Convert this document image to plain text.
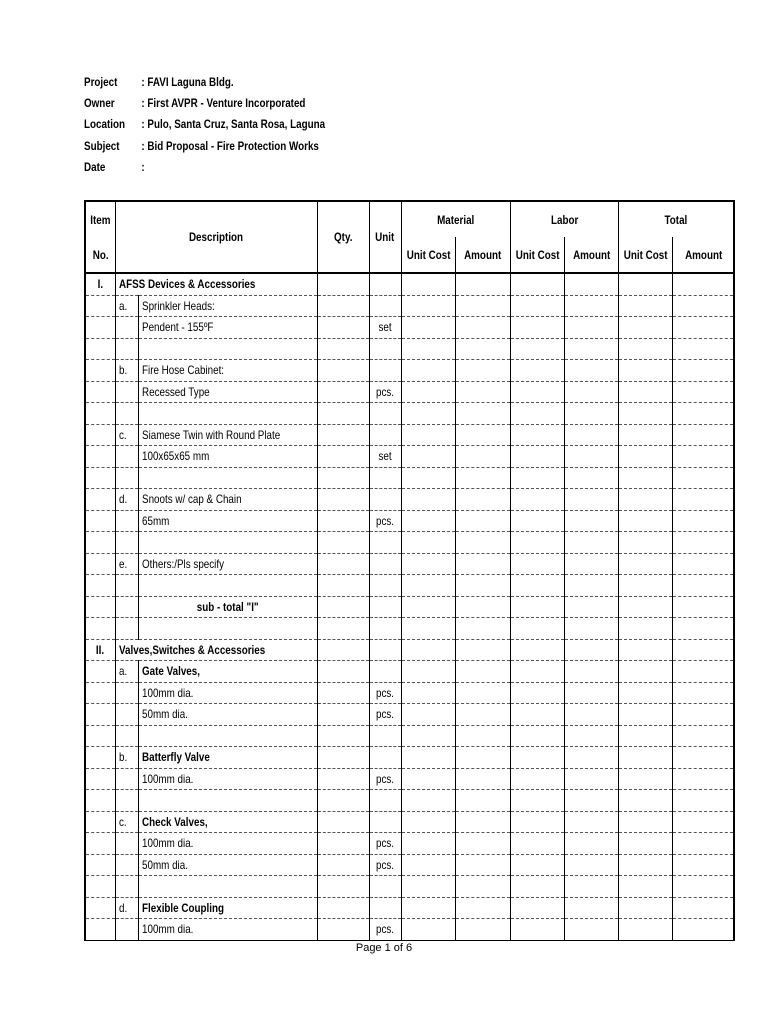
Project	: FAVI Laguna Bldg.
Owner	: First AVPR - Venture Incorporated
Location	: Pulo, Santa Cruz, Santa Rosa, Laguna
Subject	: Bid Proposal - Fire Protection Works
Date	:
Item	Description		Qty.	Unit	Material		Labor		Total	
No.					Unit Cost	Amount	Unit Cost	Amount	Unit Cost	Amount
I.	AFSS Devices & Accessories									
	a.	Sprinkler Heads:								
		Pendent - 155ºF		set						

	b.	Fire Hose Cabinet:								
		Recessed Type		pcs.						

	c.	Siamese Twin with Round Plate								
		100x65x65 mm		set						

	d.	Snoots w/ cap & Chain								
		65mm		pcs.						

	e.	Others:/Pls specify								

		sub - total "I"								

II.	Valves,Switches & Accessories									
	a.	Gate Valves,								
		100mm dia.		pcs.						
		50mm dia.		pcs.						

	b.	Batterfly Valve								
		100mm dia.		pcs.						

	c.	Check Valves,								
		100mm dia.		pcs.						
		50mm dia.		pcs.						

	d.	Flexible Coupling								
		100mm dia.		pcs.						
Page 1 of 6
